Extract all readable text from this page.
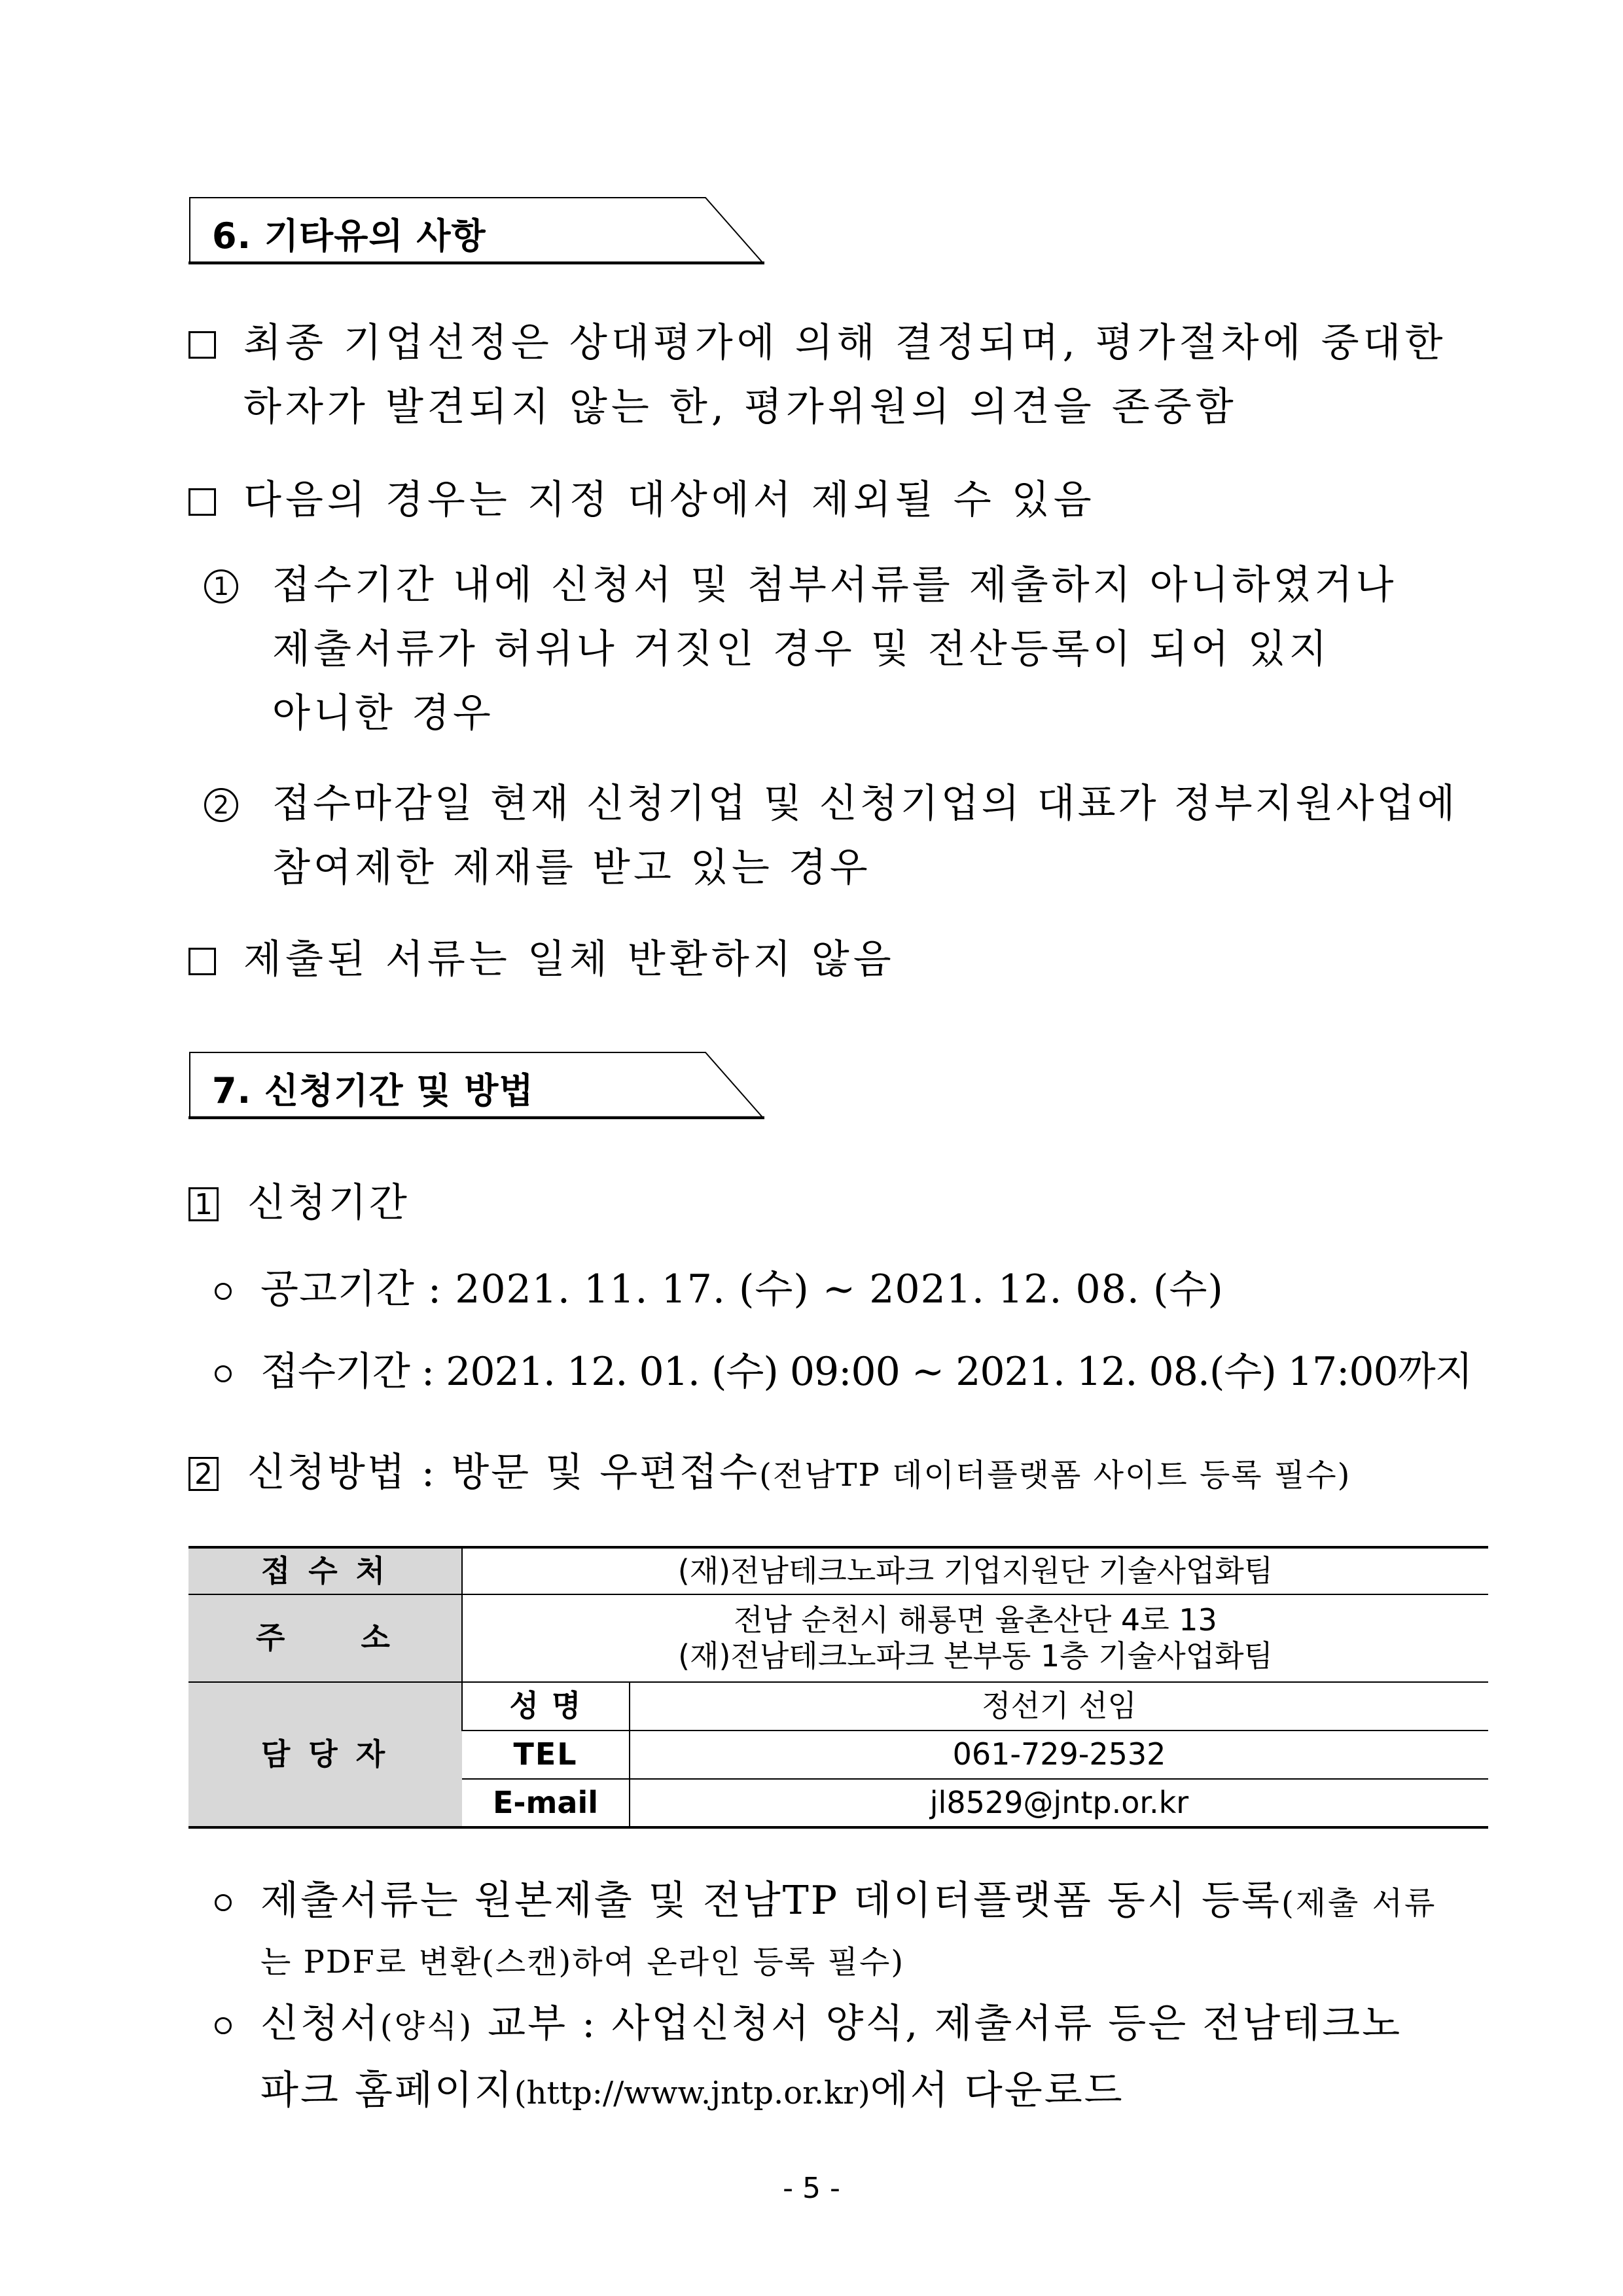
6. 기타유의 사항
최종 기업선정은 상대평가에 의해 결정되며, 평가절차에 중대한
하자가 발견되지 않는 한, 평가위원의 의견을 존중함
다음의 경우는 지정 대상에서 제외될 수 있음
1 접수기간 내에 신청서 및 첨부서류를 제출하지 아니하였거나
제출서류가 허위나 거짓인 경우 및 전산등록이 되어 있지
아니한 경우
2 접수마감일 현재 신청기업 및 신청기업의 대표가 정부지원사업에
참여제한 제재를 받고 있는 경우
제출된 서류는 일체 반환하지 않음
7. 신청기간 및 방법
1 신청기간
공고기간 : 2021. 11. 17. (수) ~ 2021. 12. 08. (수)
접수기간 : 2021. 12. 01. (수) 09:00 ~ 2021. 12. 08.(수) 17:00까지
2 신청방법 : 방문 및 우편접수(전남TP 데이터플랫폼 사이트 등록 필수)
접 수 처	(재)전남테크노파크 기업지원단 기술사업화팀	
주     소	전남 순천시 해룡면 율촌산단 4로 13
(재)전남테크노파크 본부동 1층 기술사업화팀	

담 당 자	성 명	정선기 선임
	TEL	061-729-2532
	E-mail	jl8529@jntp.or.kr
제출서류는 원본제출 및 전남TP 데이터플랫폼 동시 등록(제출 서류
는 PDF로 변환(스캔)하여 온라인 등록 필수)
신청서(양식) 교부 : 사업신청서 양식, 제출서류 등은 전남테크노
파크 홈페이지(http://www.jntp.or.kr)에서 다운로드
- 5 -
